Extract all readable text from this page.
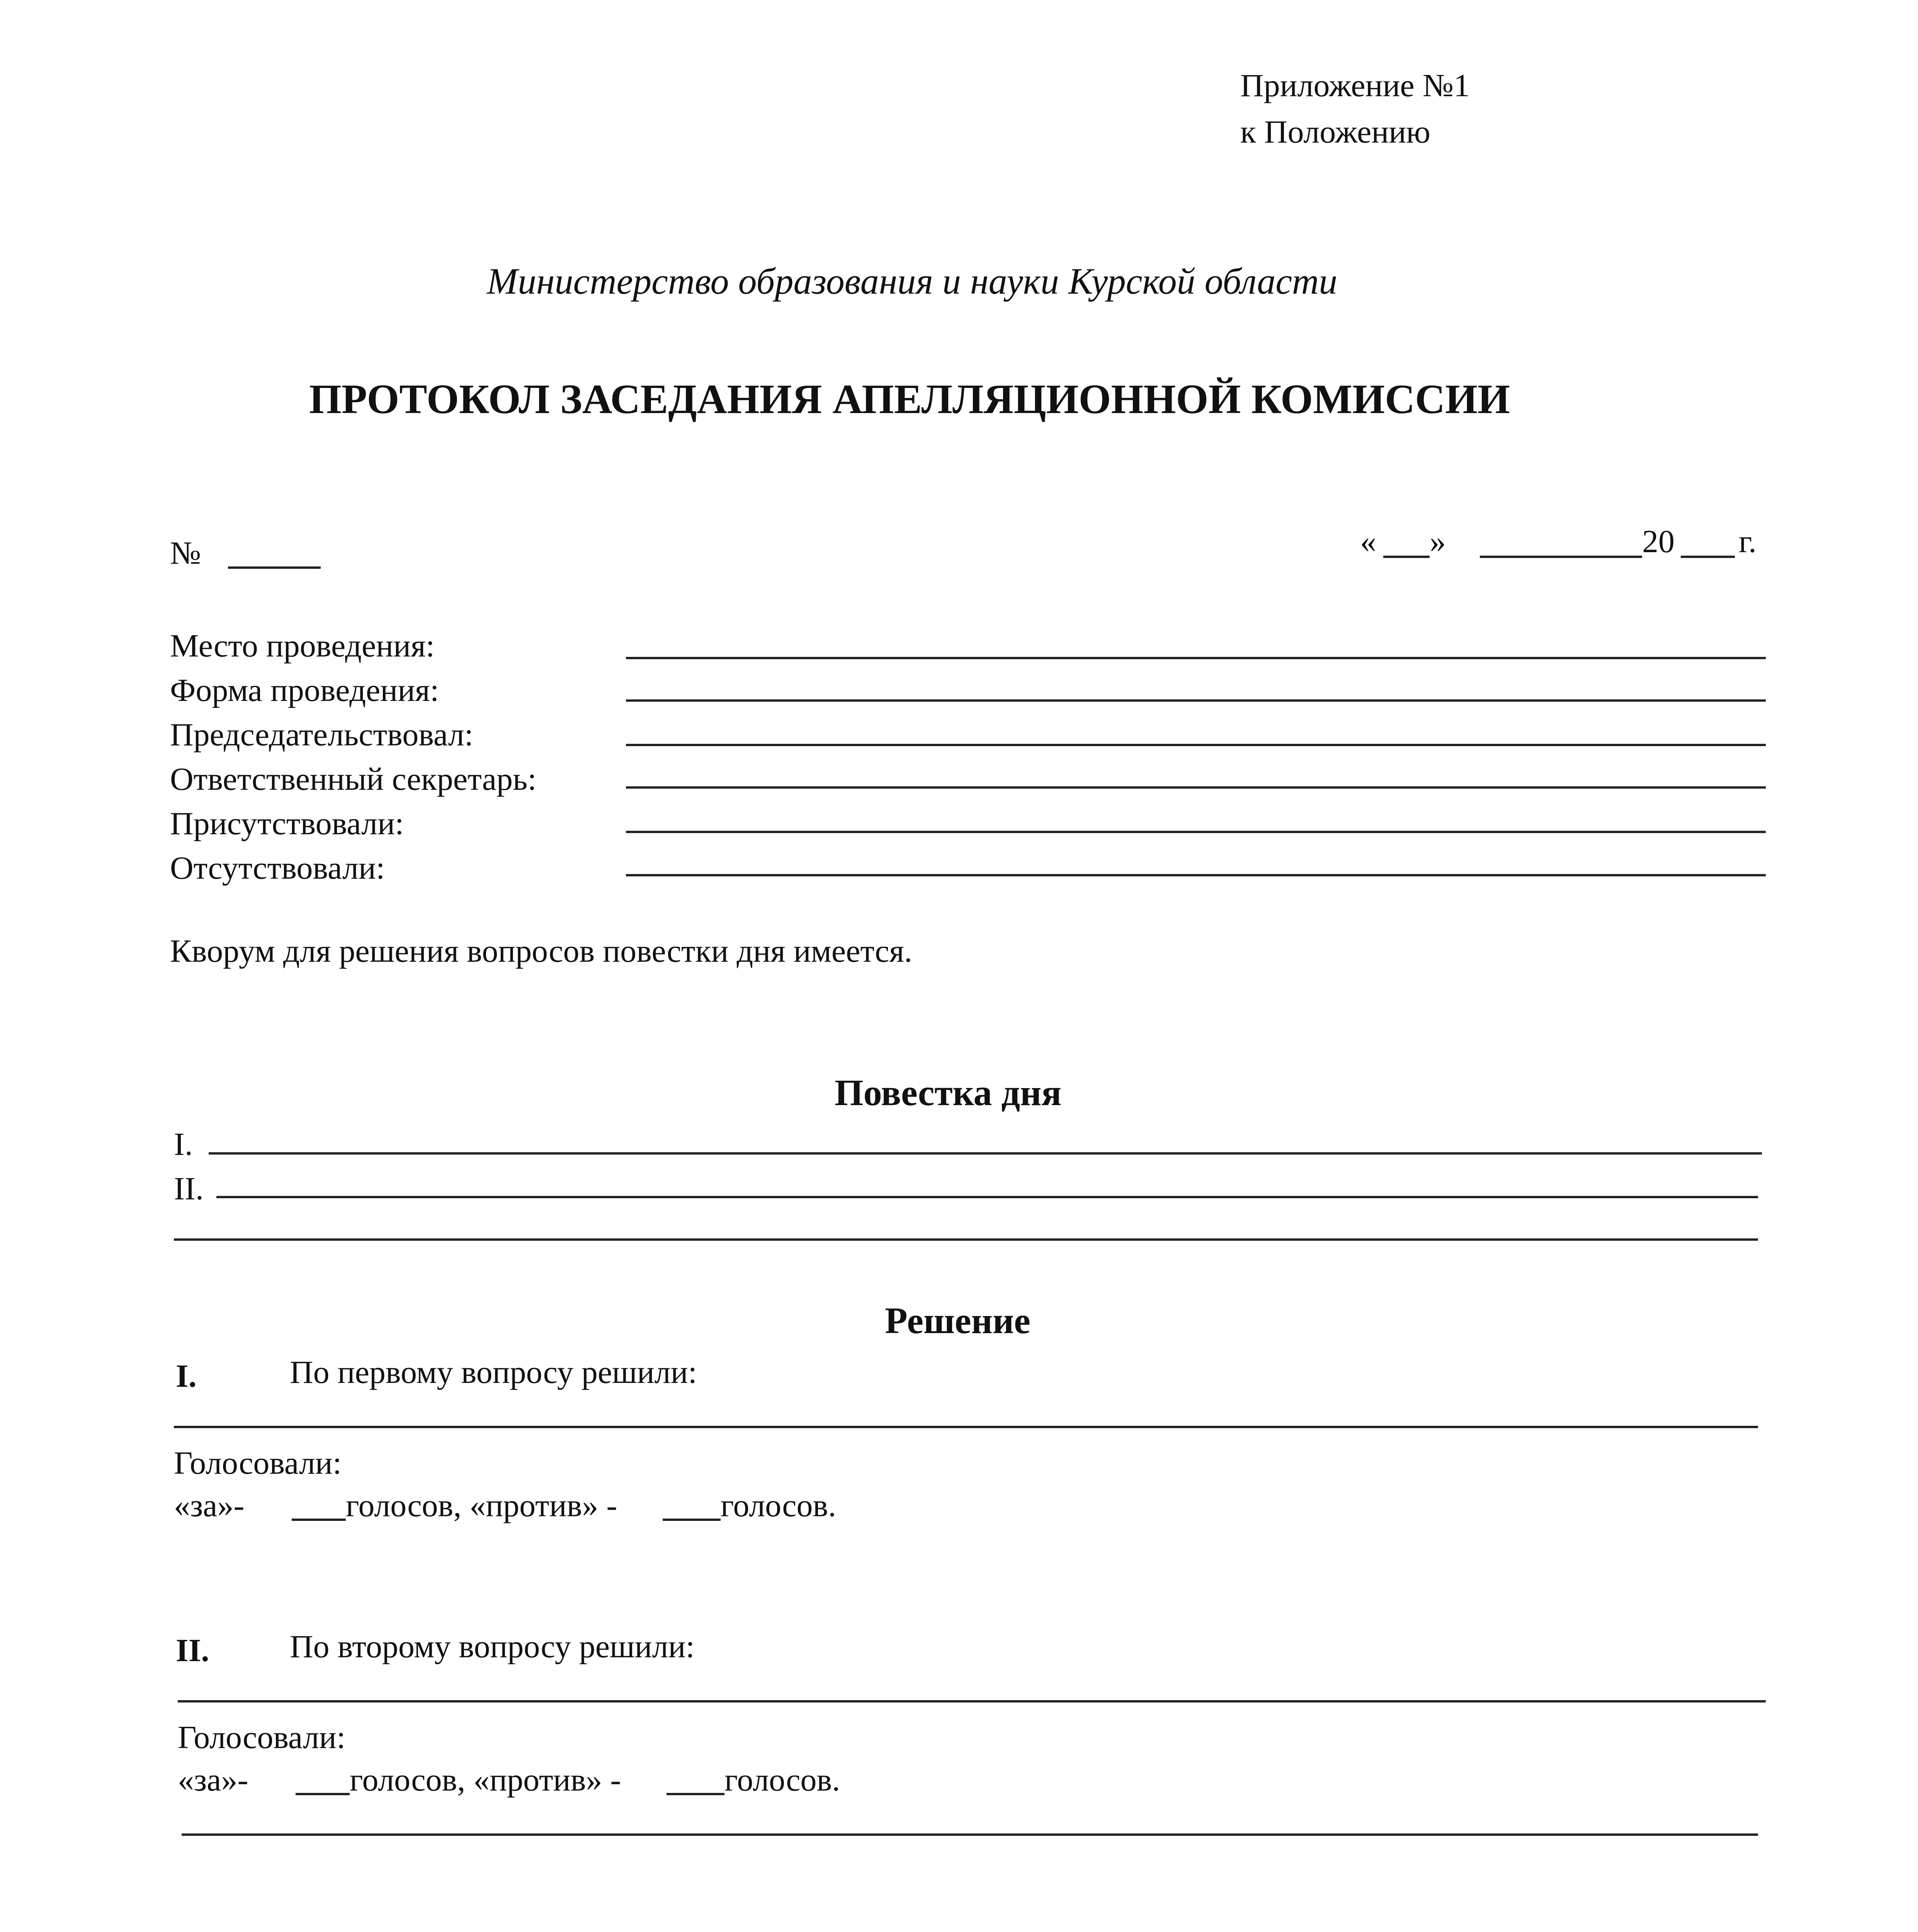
Приложение №1
к Положению
Министерство образования и науки Курской области
ПРОТОКОЛ ЗАСЕДАНИЯ АПЕЛЛЯЦИОННОЙ КОМИССИИ
№	« »	20 г.
Место проведения:
Форма проведения:
Председательствовал:
Ответственный секретарь:
Присутствовали:
Отсутствовали:
Кворум для решения вопросов повестки дня имеется.
Повестка дня
I.
II.
Решение
I.	По первому вопросу решили:
Голосовали:
«за»-	голосов, «против» -	голосов.
II. По второму вопросу решили:
Голосовали:
«за»-	голосов, «против» -	голосов.
